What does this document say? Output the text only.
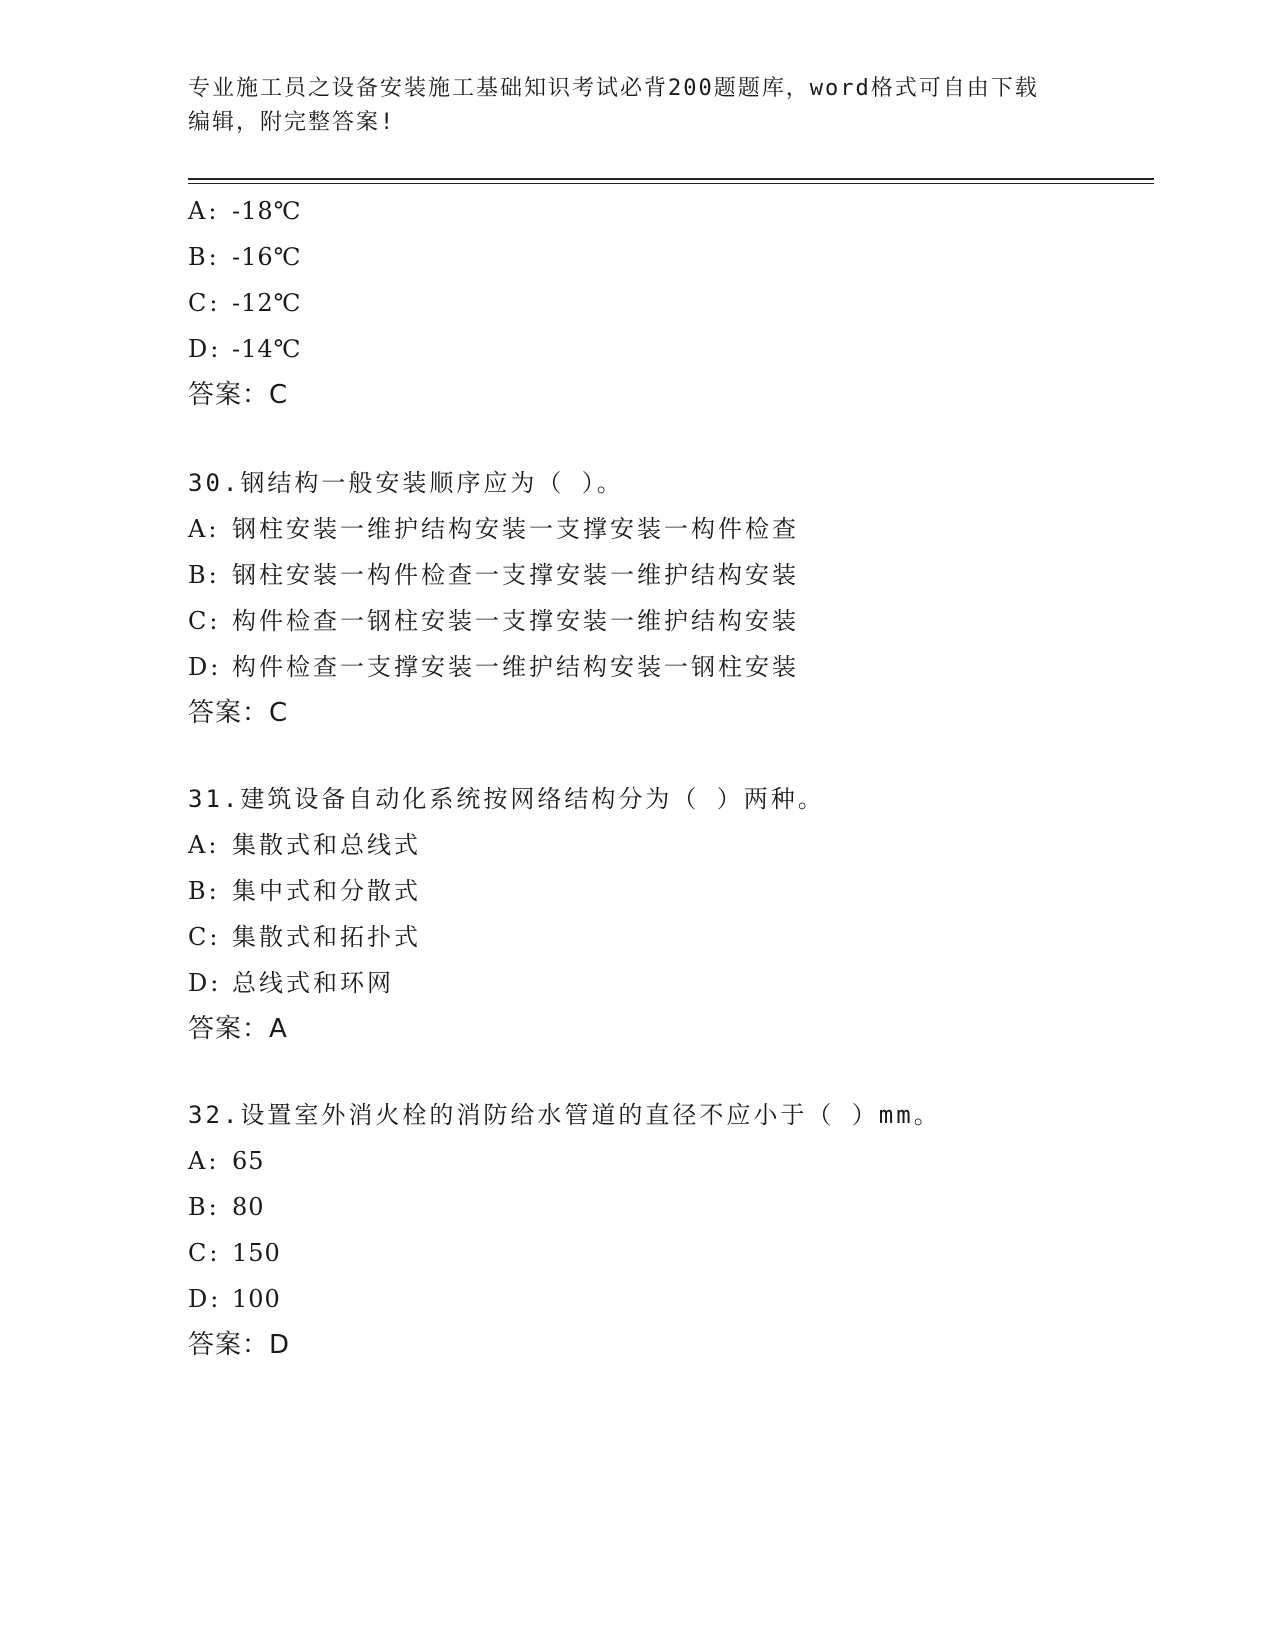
专业施工员之设备安装施工基础知识考试必背200题题库，word格式可自由下载
编辑，附完整答案!
A: -18℃
B: -16℃
C: -12℃
D: -14℃
答案：C
30.钢结构一般安装顺序应为（ ）。
A: 钢柱安装一维护结构安装一支撑安装一构件检查
B: 钢柱安装一构件检查一支撑安装一维护结构安装
C: 构件检查一钢柱安装一支撑安装一维护结构安装
D: 构件检查一支撑安装一维护结构安装一钢柱安装
答案：C
31.建筑设备自动化系统按网络结构分为（ ）两种。
A: 集散式和总线式
B: 集中式和分散式
C: 集散式和拓扑式
D: 总线式和环网
答案：A
32.设置室外消火栓的消防给水管道的直径不应小于（ ）mm。
A: 65
B: 80
C: 150
D: 100
答案：D
